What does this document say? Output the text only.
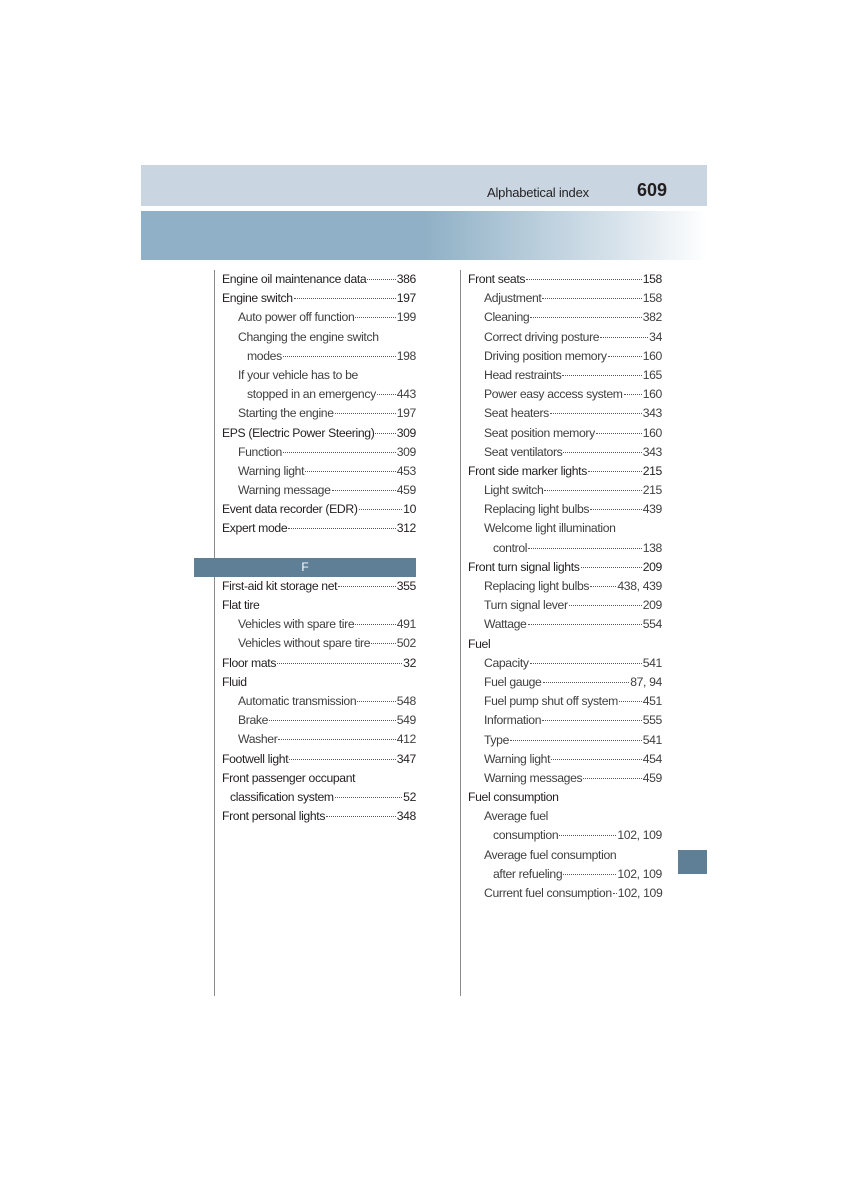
Alphabetical index	609
Engine oil maintenance data 386
Engine switch	197
Auto power off function	199
Changing the engine switch
modes	198
If your vehicle has to be
stopped in an emergency 443
Starting the engine	197
EPS (Electric Power Steering) 309
Function	309
Warning light	453
Warning message	459
Event data recorder (EDR)	10
Expert mode	312
F
First-aid kit storage net	355
Flat tire
Vehicles with spare tire	491
Vehicles without spare tire 502
Floor mats	32
Fluid
Automatic transmission	548
Brake	549
Washer	412
Footwell light	347
Front passenger occupant
classification system	52
Front personal lights	348
Front seats	158
Adjustment	158
Cleaning	382
Correct driving posture	34
Driving position memory	160
Head restraints	165
Power easy access system 160
Seat heaters	343
Seat position memory	160
Seat ventilators	343
Front side marker lights	215
Light switch	215
Replacing light bulbs	439
Welcome light illumination
control	138
Front turn signal lights	209
Replacing light bulbs 438, 439
Turn signal lever	209
Wattage	554
Fuel
Capacity	541
Fuel gauge	87, 94
Fuel pump shut off system 451
Information	555
Type	541
Warning light	454
Warning messages	459
Fuel consumption
Average fuel
consumption	102, 109
Average fuel consumption
after refueling	102, 109
Current fuel consumption 102, 109
